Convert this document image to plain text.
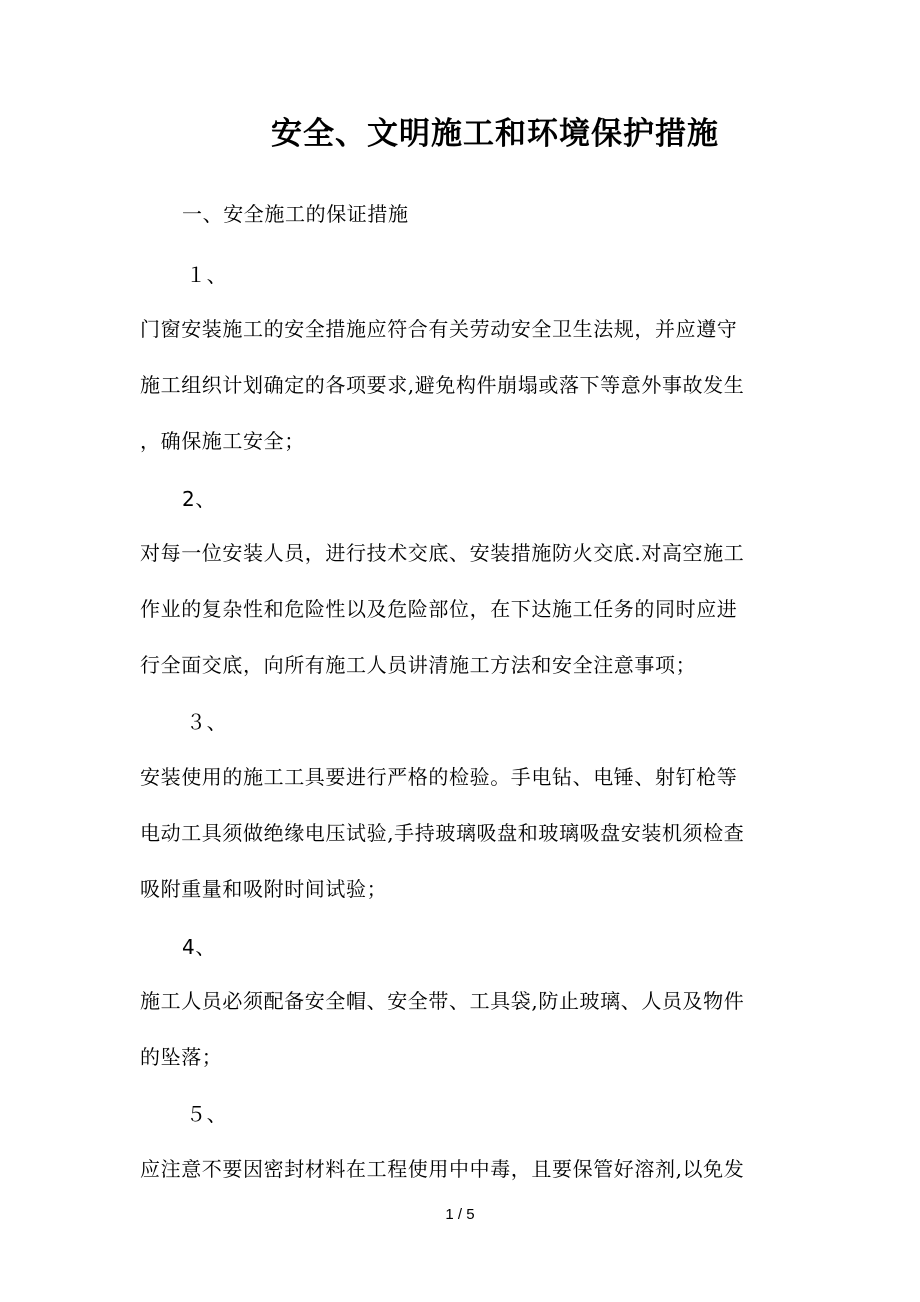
安全、文明施工和环境保护措施
一、安全施工的保证措施
１、
门窗安装施工的安全措施应符合有关劳动安全卫生法规，并应遵守
施工组织计划确定的各项要求,避免构件崩塌或落下等意外事故发生
，确保施工安全；
2、
对每一位安装人员，进行技术交底、安装措施防火交底.对高空施工
作业的复杂性和危险性以及危险部位，在下达施工任务的同时应进
行全面交底，向所有施工人员讲清施工方法和安全注意事项；
３、
安装使用的施工工具要进行严格的检验。手电钻、电锤、射钉枪等
电动工具须做绝缘电压试验,手持玻璃吸盘和玻璃吸盘安装机须检查
吸附重量和吸附时间试验；
4、
施工人员必须配备安全帽、安全带、工具袋,防止玻璃、人员及物件
的坠落；
５、
应注意不要因密封材料在工程使用中中毒，且要保管好溶剂,以免发
1 / 5
